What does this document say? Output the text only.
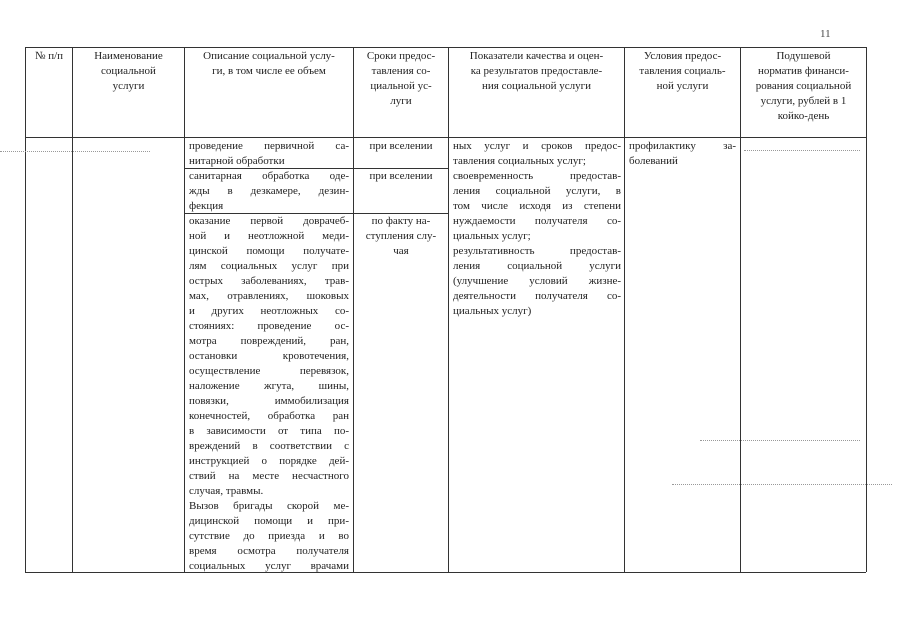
11
№ п/п	Наименование
социальной
услуги
Описание социальной услу-
ги, в том числе ее объем
Сроки предос-
тавления со-
циальной ус-
луги
Показатели качества и оцен-
ка результатов предоставле-
ния социальной услуги
Условия предос-
тавления социаль-
ной услуги
Подушевой
норматив финанси-
рования социальной
услуги, рублей в 1
койко-день
проведение первичной са-
нитарной обработки
санитарная обработка оде-
жды в дезкамере, дезин-
фекция
оказание первой доврачеб-
ной и неотложной меди-
цинской помощи получате-
лям социальных услуг при
острых заболеваниях, трав-
мах, отравлениях, шоковых
и других неотложных со-
стояниях: проведение ос-
мотра повреждений, ран,
остановки кровотечения,
осуществление перевязок,
наложение жгута, шины,
повязки, иммобилизация
конечностей, обработка ран
в зависимости от типа по-
вреждений в соответствии с
инструкцией о порядке дей-
ствий на месте несчастного
случая, травмы.
Вызов бригады скорой ме-
дицинской помощи и при-
сутствие до приезда и во
время осмотра получателя
социальных услуг врачами
при вселении
при вселении
по факту на-
ступления слу-
чая
ных услуг и сроков предос-
тавления социальных услуг;
своевременность предостав-
ления социальной услуги, в
том числе исходя из степени
нуждаемости получателя со-
циальных услуг;
результативность предостав-
ления социальной услуги
(улучшение условий жизне-
деятельности получателя со-
циальных услуг)
профилактику за-
болеваний
